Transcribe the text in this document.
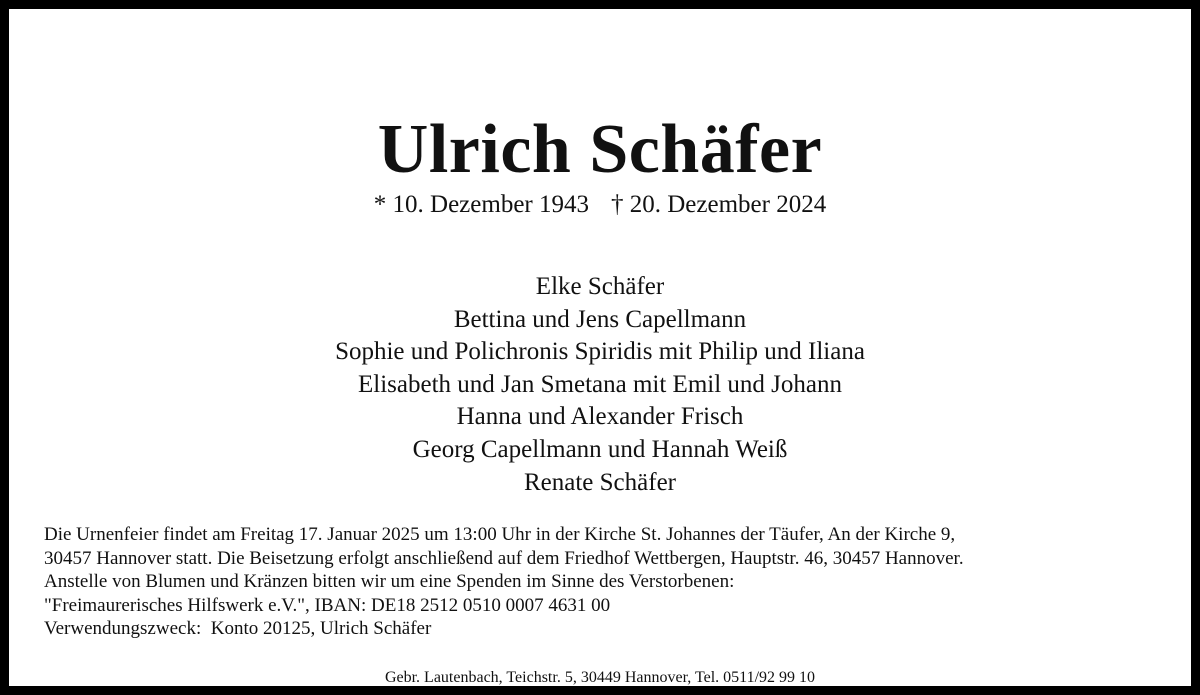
Ulrich Schäfer
* 10. Dezember 1943 † 20. Dezember 2024
Elke Schäfer
Bettina und Jens Capellmann
Sophie und Polichronis Spiridis mit Philip und Iliana
Elisabeth und Jan Smetana mit Emil und Johann
Hanna und Alexander Frisch
Georg Capellmann und Hannah Weiß
Renate Schäfer
Die Urnenfeier findet am Freitag 17. Januar 2025 um 13:00 Uhr in der Kirche St. Johannes der Täufer, An der Kirche 9,
30457 Hannover statt. Die Beisetzung erfolgt anschließend auf dem Friedhof Wettbergen, Hauptstr. 46, 30457 Hannover.
Anstelle von Blumen und Kränzen bitten wir um eine Spenden im Sinne des Verstorbenen:
"Freimaurerisches Hilfswerk e.V.", IBAN: DE18 2512 0510 0007 4631 00
Verwendungszweck:  Konto 20125, Ulrich Schäfer
Gebr. Lautenbach, Teichstr. 5, 30449 Hannover, Tel. 0511/92 99 10
